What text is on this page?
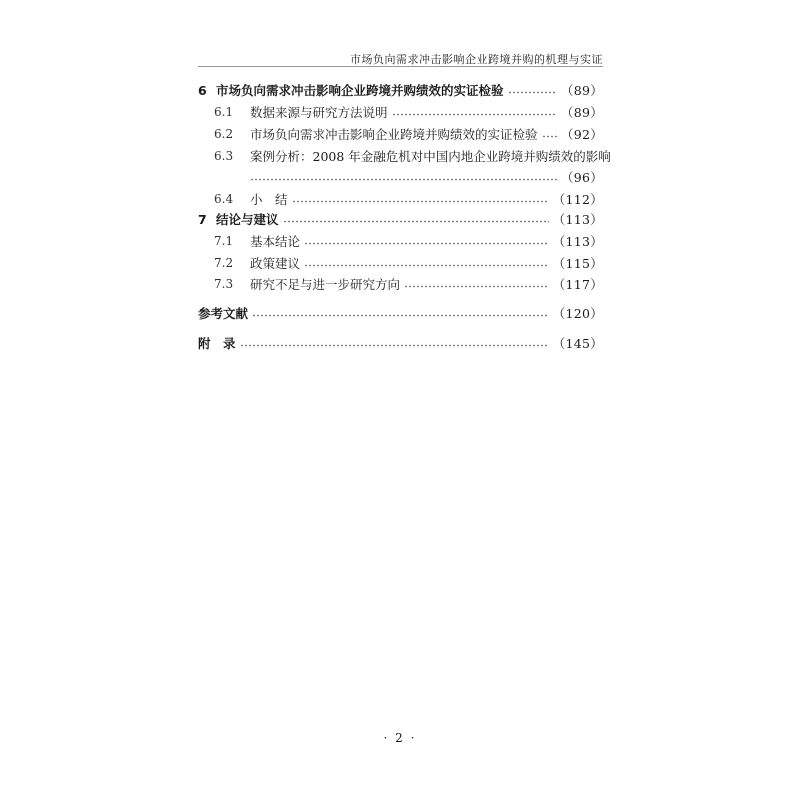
市场负向需求冲击影响企业跨境并购的机理与实证
6 市场负向需求冲击影响企业跨境并购绩效的实证检验	（89）
6.1	数据来源与研究方法说明	（89）
6.2	市场负向需求冲击影响企业跨境并购绩效的实证检验 （92）
6.3	案例分析：2008 年金融危机对中国内地企业跨境并购绩效的影响
（96）
6.4	小　结	（112）
7 结论与建议	（113）
7.1	基本结论	（113）
7.2	政策建议	（115）
7.3	研究不足与进一步研究方向	（117）
参考文献	（120）
附　录	（145）
· 2 ·
